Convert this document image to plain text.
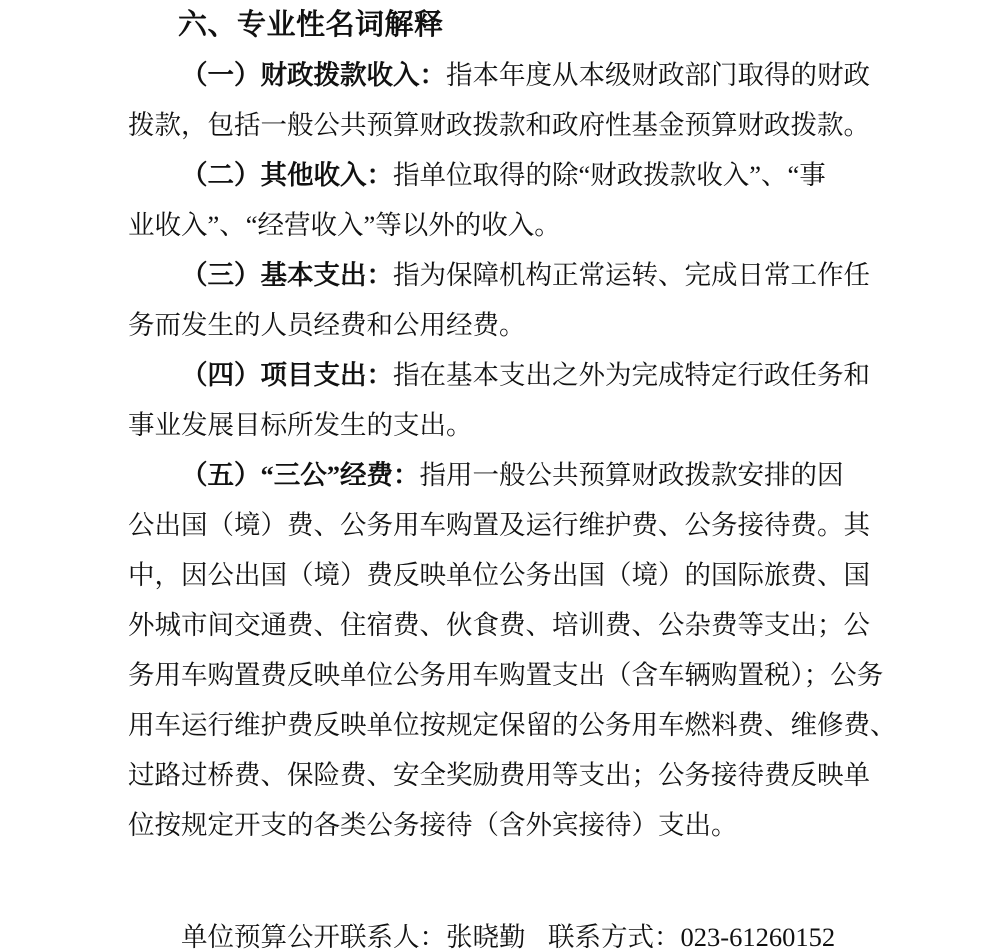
六、专业性名词解释
（一）财政拨款收入：指本年度从本级财政部门取得的财政
拨款，包括一般公共预算财政拨款和政府性基金预算财政拨款。
（二）其他收入：指单位取得的除“财政拨款收入”、“事
业收入”、“经营收入”等以外的收入。
（三）基本支出：指为保障机构正常运转、完成日常工作任
务而发生的人员经费和公用经费。
（四）项目支出：指在基本支出之外为完成特定行政任务和
事业发展目标所发生的支出。
（五）“三公”经费：指用一般公共预算财政拨款安排的因
公出国（境）费、公务用车购置及运行维护费、公务接待费。其
中，因公出国（境）费反映单位公务出国（境）的国际旅费、国
外城市间交通费、住宿费、伙食费、培训费、公杂费等支出；公
务用车购置费反映单位公务用车购置支出（含车辆购置税）；公务
用车运行维护费反映单位按规定保留的公务用车燃料费、维修费、
过路过桥费、保险费、安全奖励费用等支出；公务接待费反映单
位按规定开支的各类公务接待（含外宾接待）支出。
单位预算公开联系人：张晓勤 联系方式：023-61260152
